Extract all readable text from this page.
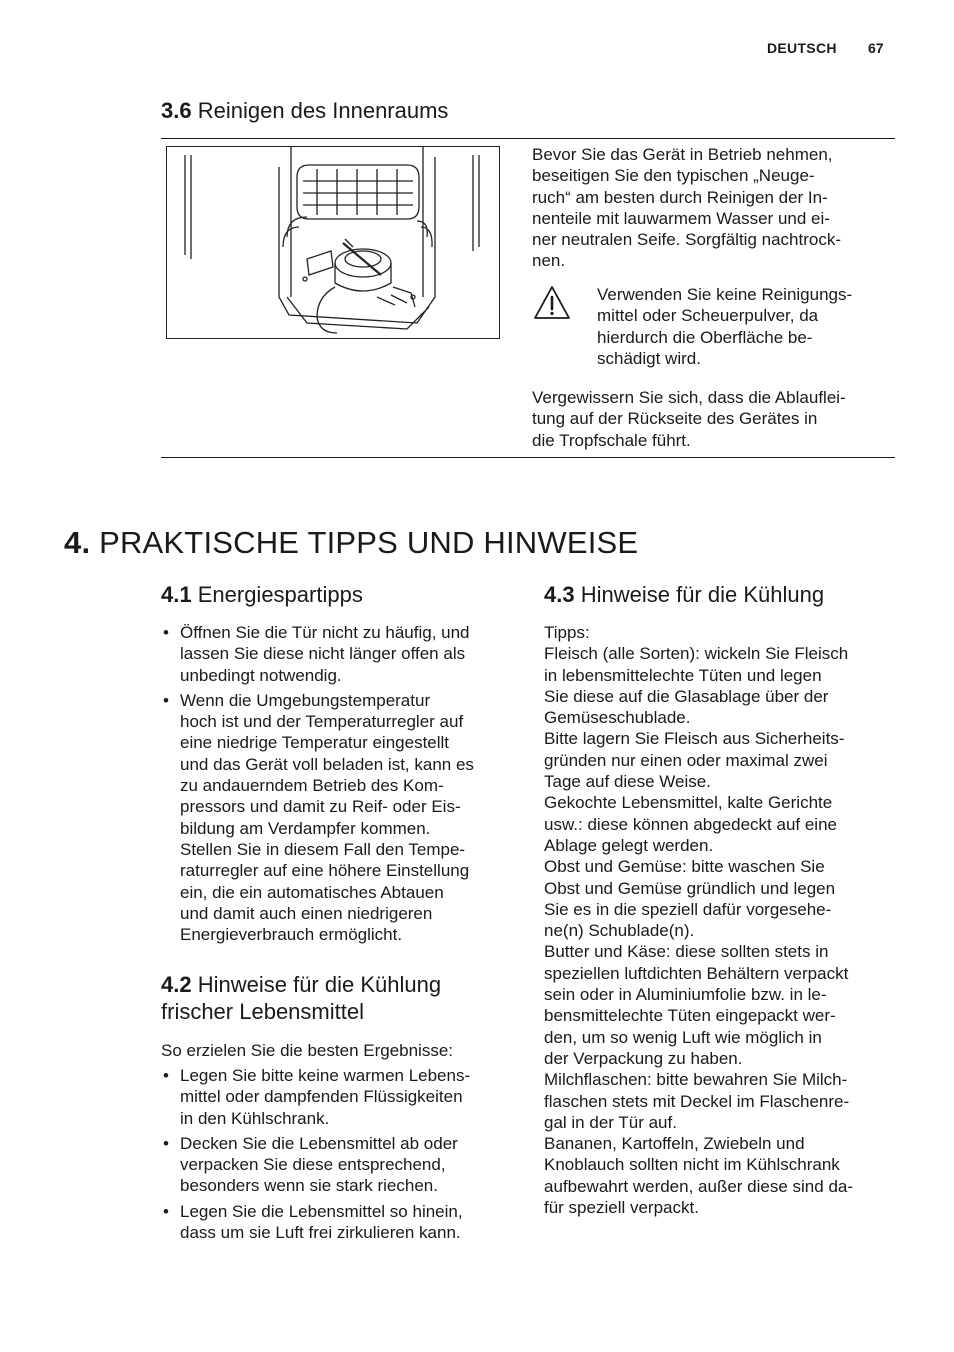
DEUTSCH 67
3.6 Reinigen des Innenraums
Bevor Sie das Gerät in Betrieb nehmen,
beseitigen Sie den typischen „Neuge-
ruch“ am besten durch Reinigen der In-
nenteile mit lauwarmem Wasser und ei-
ner neutralen Seife. Sorgfältig nachtrock-
nen.
Verwenden Sie keine Reinigungs-
mittel oder Scheuerpulver, da
hierdurch die Oberfläche be-
schädigt wird.
Vergewissern Sie sich, dass die Ablauflei-
tung auf der Rückseite des Gerätes in
die Tropfschale führt.
4. PRAKTISCHE TIPPS UND HINWEISE
4.1 Energiespartipps
• Öffnen Sie die Tür nicht zu häufig, und
lassen Sie diese nicht länger offen als
unbedingt notwendig.
• Wenn die Umgebungstemperatur
hoch ist und der Temperaturregler auf
eine niedrige Temperatur eingestellt
und das Gerät voll beladen ist, kann es
zu andauerndem Betrieb des Kom-
pressors und damit zu Reif- oder Eis-
bildung am Verdampfer kommen.
Stellen Sie in diesem Fall den Tempe-
raturregler auf eine höhere Einstellung
ein, die ein automatisches Abtauen
und damit auch einen niedrigeren
Energieverbrauch ermöglicht.
4.2 Hinweise für die Kühlung
frischer Lebensmittel
So erzielen Sie die besten Ergebnisse:
• Legen Sie bitte keine warmen Lebens-
mittel oder dampfenden Flüssigkeiten
in den Kühlschrank.
• Decken Sie die Lebensmittel ab oder
verpacken Sie diese entsprechend,
besonders wenn sie stark riechen.
• Legen Sie die Lebensmittel so hinein,
dass um sie Luft frei zirkulieren kann.
4.3 Hinweise für die Kühlung
Tipps:
Fleisch (alle Sorten): wickeln Sie Fleisch
in lebensmittelechte Tüten und legen
Sie diese auf die Glasablage über der
Gemüseschublade.
Bitte lagern Sie Fleisch aus Sicherheits-
gründen nur einen oder maximal zwei
Tage auf diese Weise.
Gekochte Lebensmittel, kalte Gerichte
usw.: diese können abgedeckt auf eine
Ablage gelegt werden.
Obst und Gemüse: bitte waschen Sie
Obst und Gemüse gründlich und legen
Sie es in die speziell dafür vorgesehe-
ne(n) Schublade(n).
Butter und Käse: diese sollten stets in
speziellen luftdichten Behältern verpackt
sein oder in Aluminiumfolie bzw. in le-
bensmittelechte Tüten eingepackt wer-
den, um so wenig Luft wie möglich in
der Verpackung zu haben.
Milchflaschen: bitte bewahren Sie Milch-
flaschen stets mit Deckel im Flaschenre-
gal in der Tür auf.
Bananen, Kartoffeln, Zwiebeln und
Knoblauch sollten nicht im Kühlschrank
aufbewahrt werden, außer diese sind da-
für speziell verpackt.
